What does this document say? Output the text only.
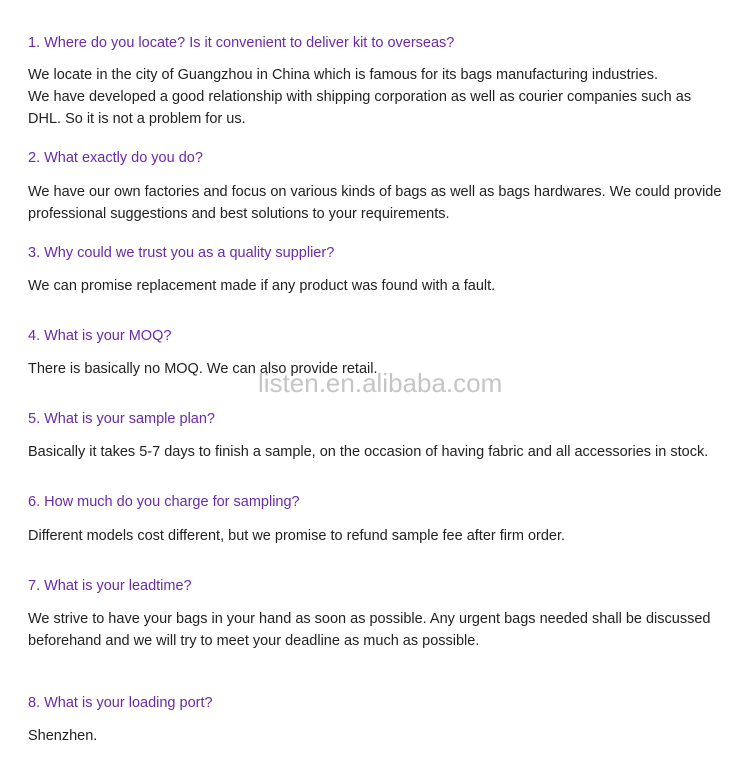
1. Where do you locate? Is it convenient to deliver kit to overseas?
We locate in the city of Guangzhou in China which is famous for its bags manufacturing industries.
We have developed a good relationship with shipping corporation as well as courier companies such as
DHL. So it is not a problem for us.
2. What exactly do you do?
We have our own factories and focus on various kinds of bags as well as bags hardwares. We could provide
professional suggestions and best solutions to your requirements.
3. Why could we trust you as a quality supplier?
We can promise replacement made if any product was found with a fault.
4. What is your MOQ?
There is basically no MOQ. We can also provide retail.
5. What is your sample plan?
Basically it takes 5-7 days to finish a sample, on the occasion of having fabric and all accessories in stock.
6. How much do you charge for sampling?
Different models cost different, but we promise to refund sample fee after firm order.
7. What is your leadtime?
We strive to have your bags in your hand as soon as possible. Any urgent bags needed shall be discussed
beforehand and we will try to meet your deadline as much as possible.
8. What is your loading port?
Shenzhen.
listen.en.alibaba.com
